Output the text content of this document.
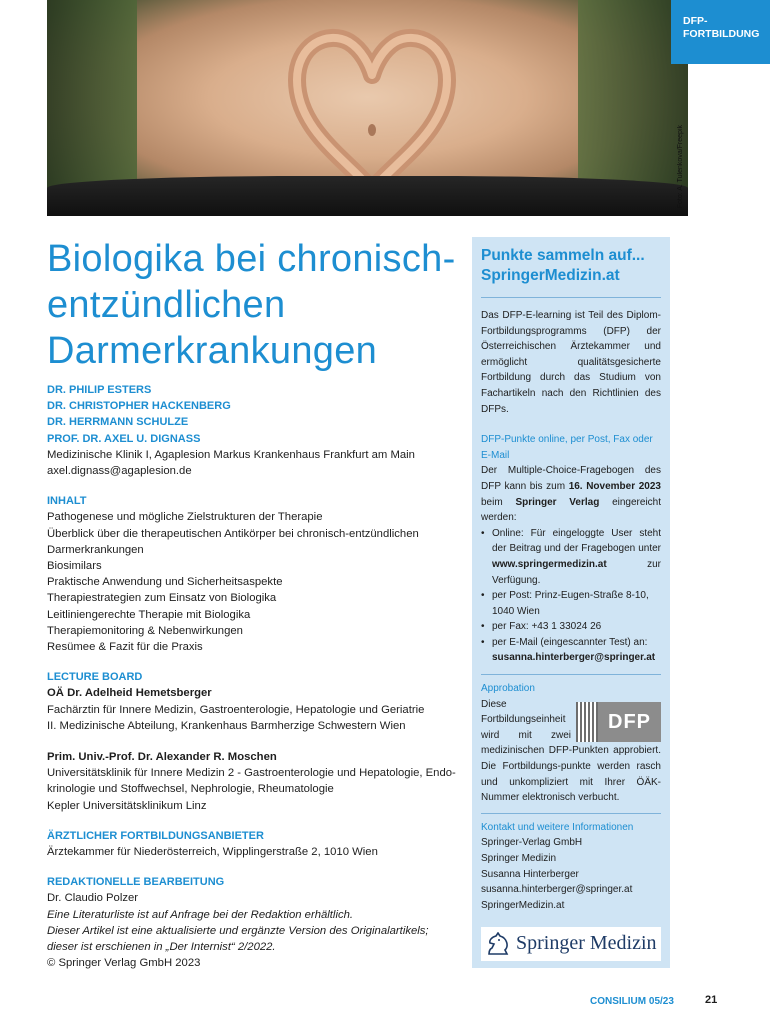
Foto: A. Tulenkova/Freepik
DFP-
FORTBILDUNG
Biologika bei chronisch-
entzündlichen
Darmerkrankungen

DR. PHILIP ESTERS

DR. CHRISTOPHER HACKENBERG

DR. HERRMANN SCHULZE

PROF. DR. AXEL U. DIGNASS

Medizinische Klinik I, Agaplesion Markus Krankenhaus Frankfurt am Main

axel.dignass@agaplesion.de

INHALT

Pathogenese und mögliche Zielstrukturen der Therapie

Überblick über die therapeutischen Antikörper bei chronisch-entzündlichen

Darmerkrankungen

Biosimilars

Praktische Anwendung und Sicherheitsaspekte

Therapiestrategien zum Einsatz von Biologika

Leitliniengerechte Therapie mit Biologika

Therapiemonitoring & Nebenwirkungen

Resümee & Fazit für die Praxis

LECTURE BOARD

OÄ Dr. Adelheid Hemetsberger

Fachärztin für Innere Medizin, Gastroenterologie, Hepatologie und Geriatrie

II. Medizinische Abteilung, Krankenhaus Barmherzige Schwestern Wien

Prim. Univ.-Prof. Dr. Alexander R. Moschen

Universitätsklinik für Innere Medizin 2 - Gastroenterologie und Hepatologie, Endo-

krinologie und Stoffwechsel, Nephrologie, Rheumatologie

Kepler Universitätsklinikum Linz

ÄRZTLICHER FORTBILDUNGSANBIETER

Ärztekammer für Niederösterreich, Wipplingerstraße 2, 1010 Wien

REDAKTIONELLE BEARBEITUNG

Dr. Claudio Polzer

Eine Literaturliste ist auf Anfrage bei der Redaktion erhältlich.

Dieser Artikel ist eine aktualisierte und ergänzte Version des Originalartikels;

dieser ist erschienen in „Der Internist“ 2/2022.

© Springer Verlag GmbH 2023

Punkte sammeln auf...
SpringerMedizin.at

Das DFP-E-learning ist Teil des Diplom-Fortbildungsprogramms (DFP) der Österreichischen Ärztekammer und ermöglicht qualitätsgesicherte Fortbildung durch das Studium von Fachartikeln nach den Richtlinien des DFPs.

DFP-Punkte online, per Post, Fax oder E-Mail

Der Multiple-Choice-Fragebogen des DFP kann bis zum 16. November 2023 beim Springer Verlag eingereicht werden:

• Online: Für eingeloggte User steht der Beitrag und der Fragebogen unter www.springermedizin.at zur Verfügung.
• per Post: Prinz-Eugen-Straße 8-10,
1040 Wien
• per Fax: +43 1 33024 26
• per E-Mail (eingescannter Test) an:
susanna.hinterberger@springer.at

Approbation

DFP

Diese Fortbildungseinheit wird mit zwei medizinischen DFP-Punkten approbiert. Die Fortbildungs-punkte werden rasch und unkompliziert mit Ihrer ÖÄK-Nummer elektronisch verbucht.

Kontakt und weitere Informationen

Springer-Verlag GmbH

Springer Medizin

Susanna Hinterberger

susanna.hinterberger@springer.at

SpringerMedizin.at

Springer Medizin
CONSILIUM 05/23	21
